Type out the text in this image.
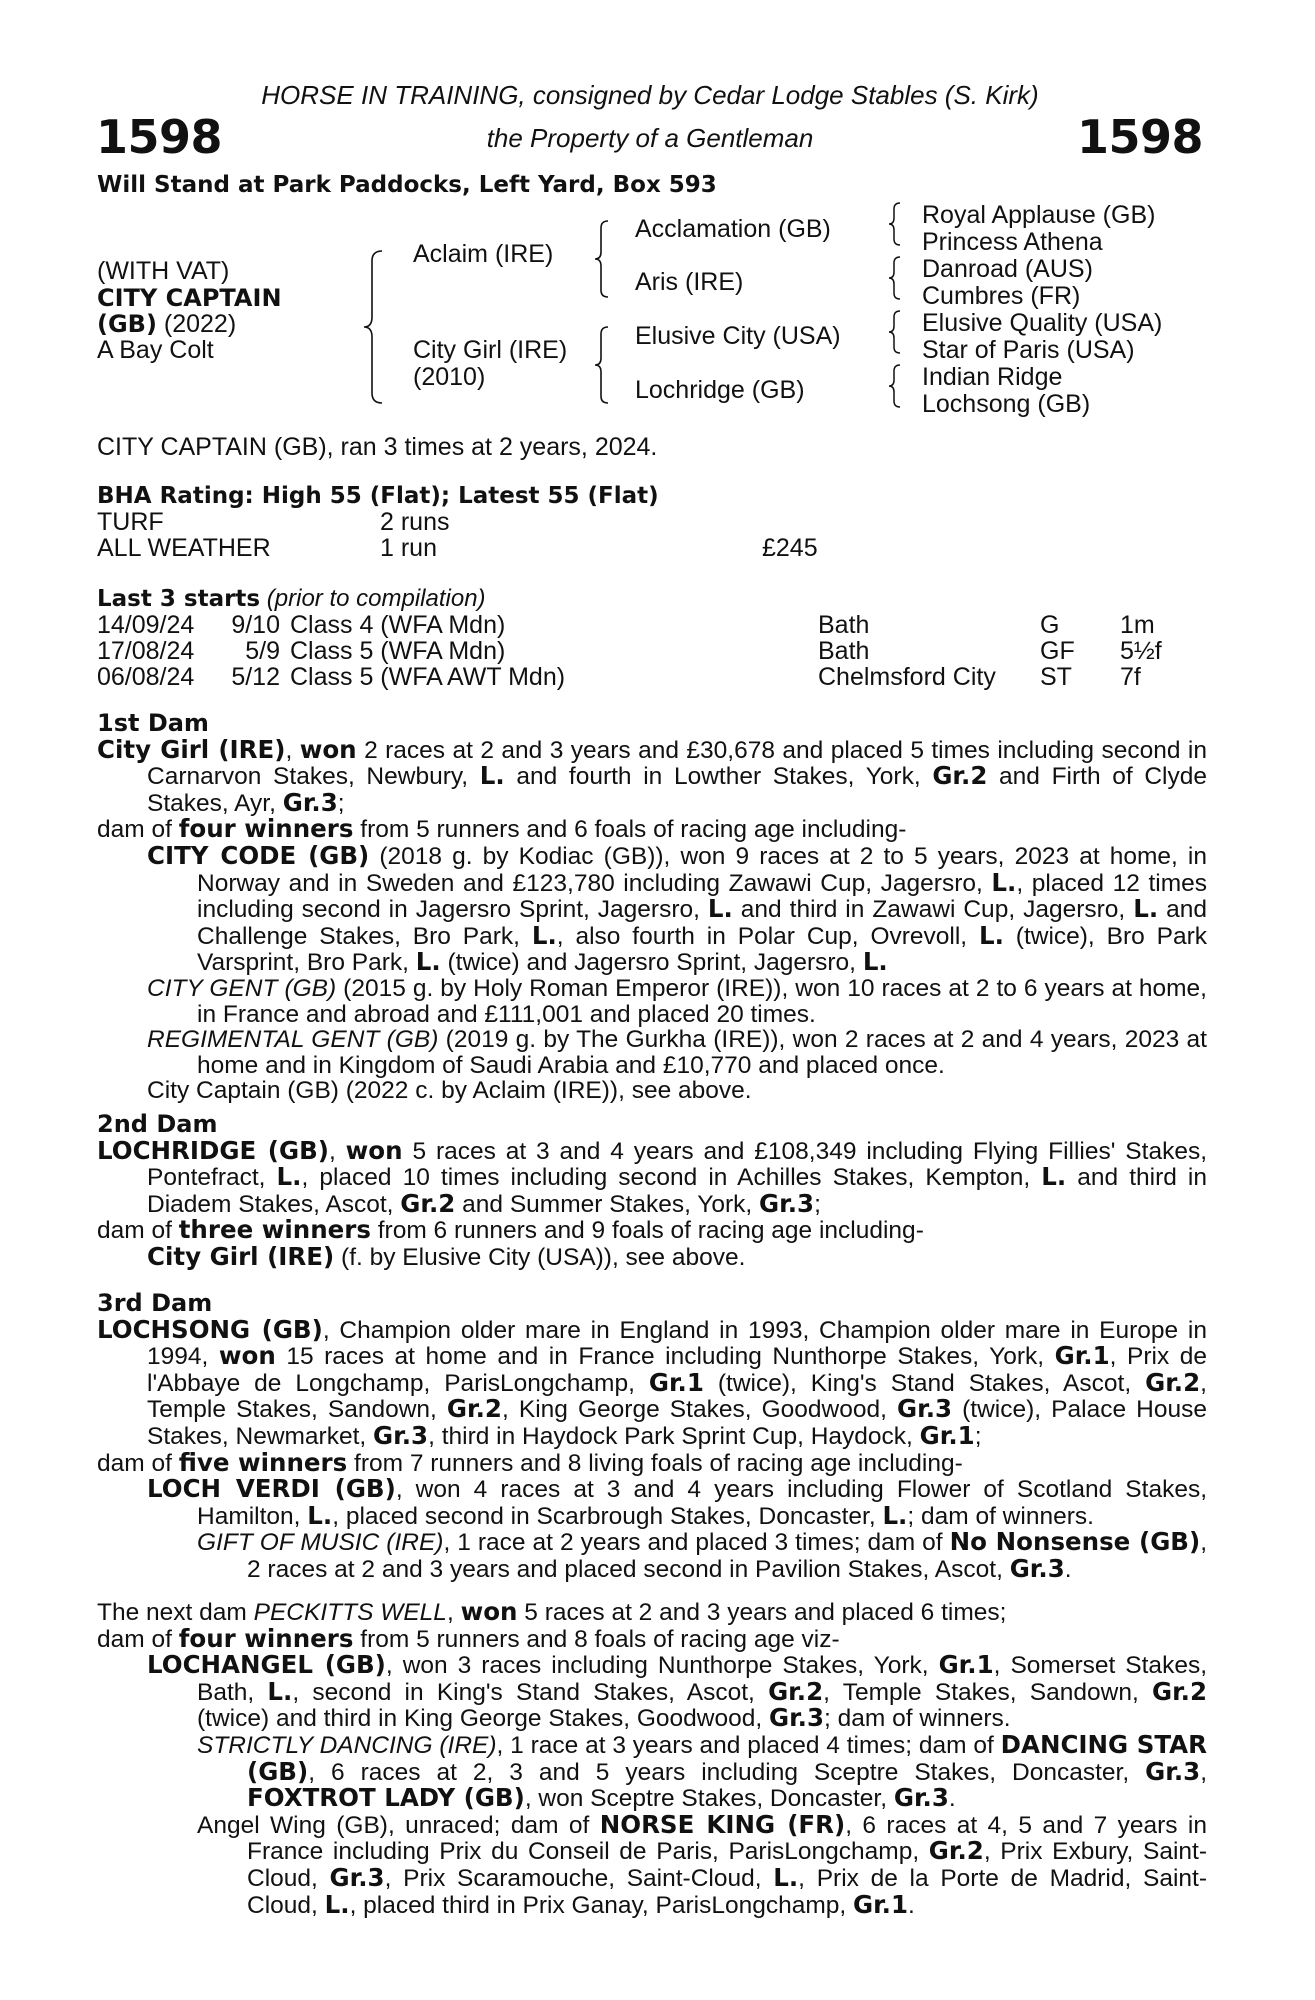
1598	1598
HORSE IN TRAINING, consigned by Cedar Lodge Stables (S. Kirk)
the Property of a Gentleman
Will Stand at Park Paddocks, Left Yard, Box 593
(WITH VAT)
CITY CAPTAIN
(GB) (2022)
A Bay Colt
Aclaim (IRE)
City Girl (IRE)
(2010)
Acclamation (GB)
Aris (IRE)
Elusive City (USA)
Lochridge (GB)
Royal Applause (GB)
Princess Athena
Danroad (AUS)
Cumbres (FR)
Elusive Quality (USA)
Star of Paris (USA)
Indian Ridge
Lochsong (GB)
CITY CAPTAIN (GB), ran 3 times at 2 years, 2024.
BHA Rating: High 55 (Flat); Latest 55 (Flat)
TURF	2 runs
ALL WEATHER	1 run	£245
Last 3 starts (prior to compilation)
14/09/24	9/10 Class 4 (WFA Mdn)	Bath	G 1m
17/08/24	5/9 Class 5 (WFA Mdn)	Bath	GF 5½f
06/08/24	5/12 Class 5 (WFA AWT Mdn)	Chelmsford City ST 7f

1st Dam

City Girl (IRE), won 2 races at 2 and 3 years and £30,678 and placed 5 times including second in Carnarvon Stakes, Newbury, L. and fourth in Lowther Stakes, York, Gr.2 and Firth of Clyde Stakes, Ayr, Gr.3;

dam of four winners from 5 runners and 6 foals of racing age including-

CITY CODE (GB) (2018 g. by Kodiac (GB)), won 9 races at 2 to 5 years, 2023 at home, in Norway and in Sweden and £123,780 including Zawawi Cup, Jagersro, L., placed 12 times including second in Jagersro Sprint, Jagersro, L. and third in Zawawi Cup, Jagersro, L. and Challenge Stakes, Bro Park, L., also fourth in Polar Cup, Ovrevoll, L. (twice), Bro Park Varsprint, Bro Park, L. (twice) and Jagersro Sprint, Jagersro, L.

CITY GENT (GB) (2015 g. by Holy Roman Emperor (IRE)), won 10 races at 2 to 6 years at home, in France and abroad and £111,001 and placed 20 times.

REGIMENTAL GENT (GB) (2019 g. by The Gurkha (IRE)), won 2 races at 2 and 4 years, 2023 at home and in Kingdom of Saudi Arabia and £10,770 and placed once.

City Captain (GB) (2022 c. by Aclaim (IRE)), see above.

2nd Dam

LOCHRIDGE (GB), won 5 races at 3 and 4 years and £108,349 including Flying Fillies' Stakes, Pontefract, L., placed 10 times including second in Achilles Stakes, Kempton, L. and third in Diadem Stakes, Ascot, Gr.2 and Summer Stakes, York, Gr.3;

dam of three winners from 6 runners and 9 foals of racing age including-

City Girl (IRE) (f. by Elusive City (USA)), see above.

3rd Dam

LOCHSONG (GB), Champion older mare in England in 1993, Champion older mare in Europe in 1994, won 15 races at home and in France including Nunthorpe Stakes, York, Gr.1, Prix de l'Abbaye de Longchamp, ParisLongchamp, Gr.1 (twice), King's Stand Stakes, Ascot, Gr.2, Temple Stakes, Sandown, Gr.2, King George Stakes, Goodwood, Gr.3 (twice), Palace House Stakes, Newmarket, Gr.3, third in Haydock Park Sprint Cup, Haydock, Gr.1;

dam of five winners from 7 runners and 8 living foals of racing age including-

LOCH VERDI (GB), won 4 races at 3 and 4 years including Flower of Scotland Stakes, Hamilton, L., placed second in Scarbrough Stakes, Doncaster, L.; dam of winners.

GIFT OF MUSIC (IRE), 1 race at 2 years and placed 3 times; dam of No Nonsense (GB), 2 races at 2 and 3 years and placed second in Pavilion Stakes, Ascot, Gr.3.

The next dam PECKITTS WELL, won 5 races at 2 and 3 years and placed 6 times;

dam of four winners from 5 runners and 8 foals of racing age viz-

LOCHANGEL (GB), won 3 races including Nunthorpe Stakes, York, Gr.1, Somerset Stakes, Bath, L., second in King's Stand Stakes, Ascot, Gr.2, Temple Stakes, Sandown, Gr.2 (twice) and third in King George Stakes, Goodwood, Gr.3; dam of winners.

STRICTLY DANCING (IRE), 1 race at 3 years and placed 4 times; dam of DANCING STAR (GB), 6 races at 2, 3 and 5 years including Sceptre Stakes, Doncaster, Gr.3, FOXTROT LADY (GB), won Sceptre Stakes, Doncaster, Gr.3.

Angel Wing (GB), unraced; dam of NORSE KING (FR), 6 races at 4, 5 and 7 years in France including Prix du Conseil de Paris, ParisLongchamp, Gr.2, Prix Exbury, Saint-Cloud, Gr.3, Prix Scaramouche, Saint-Cloud, L., Prix de la Porte de Madrid, Saint-Cloud, L., placed third in Prix Ganay, ParisLongchamp, Gr.1.
